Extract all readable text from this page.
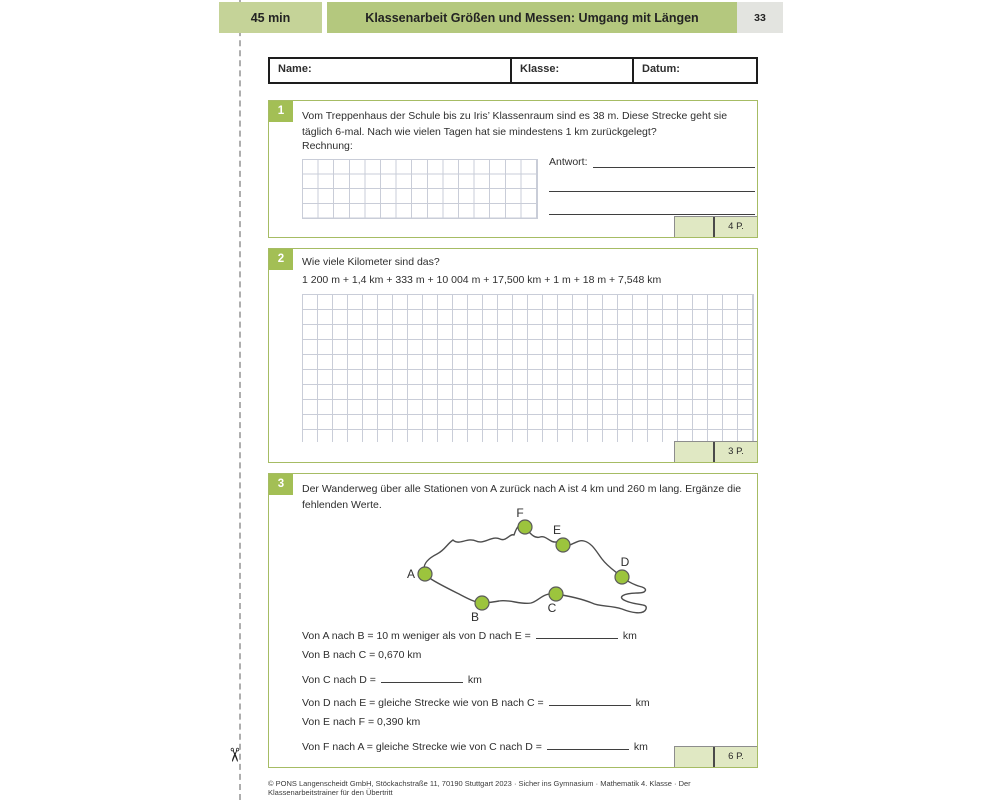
45 min	Klassenarbeit Größen und Messen: Umgang mit Längen	33
Name:	Klasse:	Datum:
1	Vom Treppenhaus der Schule bis zu Iris’ Klassenraum sind es 38 m. Diese Strecke geht sie täglich 6-mal. Nach wie vielen Tagen hat sie mindestens 1 km zurückgelegt?
Rechnung:
Antwort:
4 P.
2	Wie viele Kilometer sind das?
1 200 m + 1,4 km + 333 m + 10 004 m + 17,500 km + 1 m + 18 m + 7,548 km
3 P.
3	Der Wanderweg über alle Stationen von A zurück nach A ist 4 km und 260 m lang. Ergänze die fehlenden Werte.
A
B
C
D
E
F
Von A nach B = 10 m weniger als von D nach E =	km
Von B nach C = 0,670 km
Von C nach D =	km
Von D nach E = gleiche Strecke wie von B nach C =	km
Von E nach F = 0,390 km
Von F nach A = gleiche Strecke wie von C nach D =	km
6 P.
✂
© PONS Langenscheidt GmbH, Stöckachstraße 11, 70190 Stuttgart 2023 · Sicher ins Gymnasium · Mathematik 4. Klasse · Der Klassenarbeitstrainer für den Übertritt
